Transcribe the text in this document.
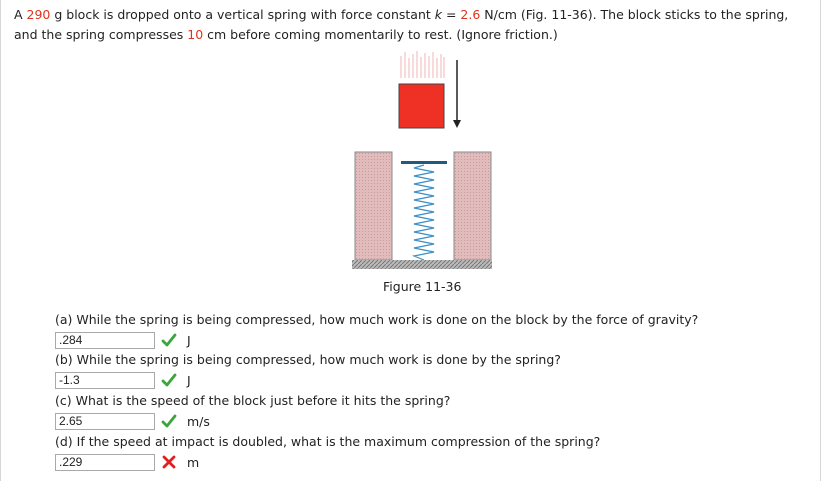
A 290 g block is dropped onto a vertical spring with force constant k = 2.6 N/cm (Fig. 11-36). The block sticks to the spring, and the spring compresses 10 cm before coming momentarily to rest. (Ignore friction.)
Figure 11-36
(a) While the spring is being compressed, how much work is done on the block by the force of gravity?
.284
J
(b) While the spring is being compressed, how much work is done by the spring?
-1.3
J
(c) What is the speed of the block just before it hits the spring?
2.65
m/s
(d) If the speed at impact is doubled, what is the maximum compression of the spring?
.229
m
